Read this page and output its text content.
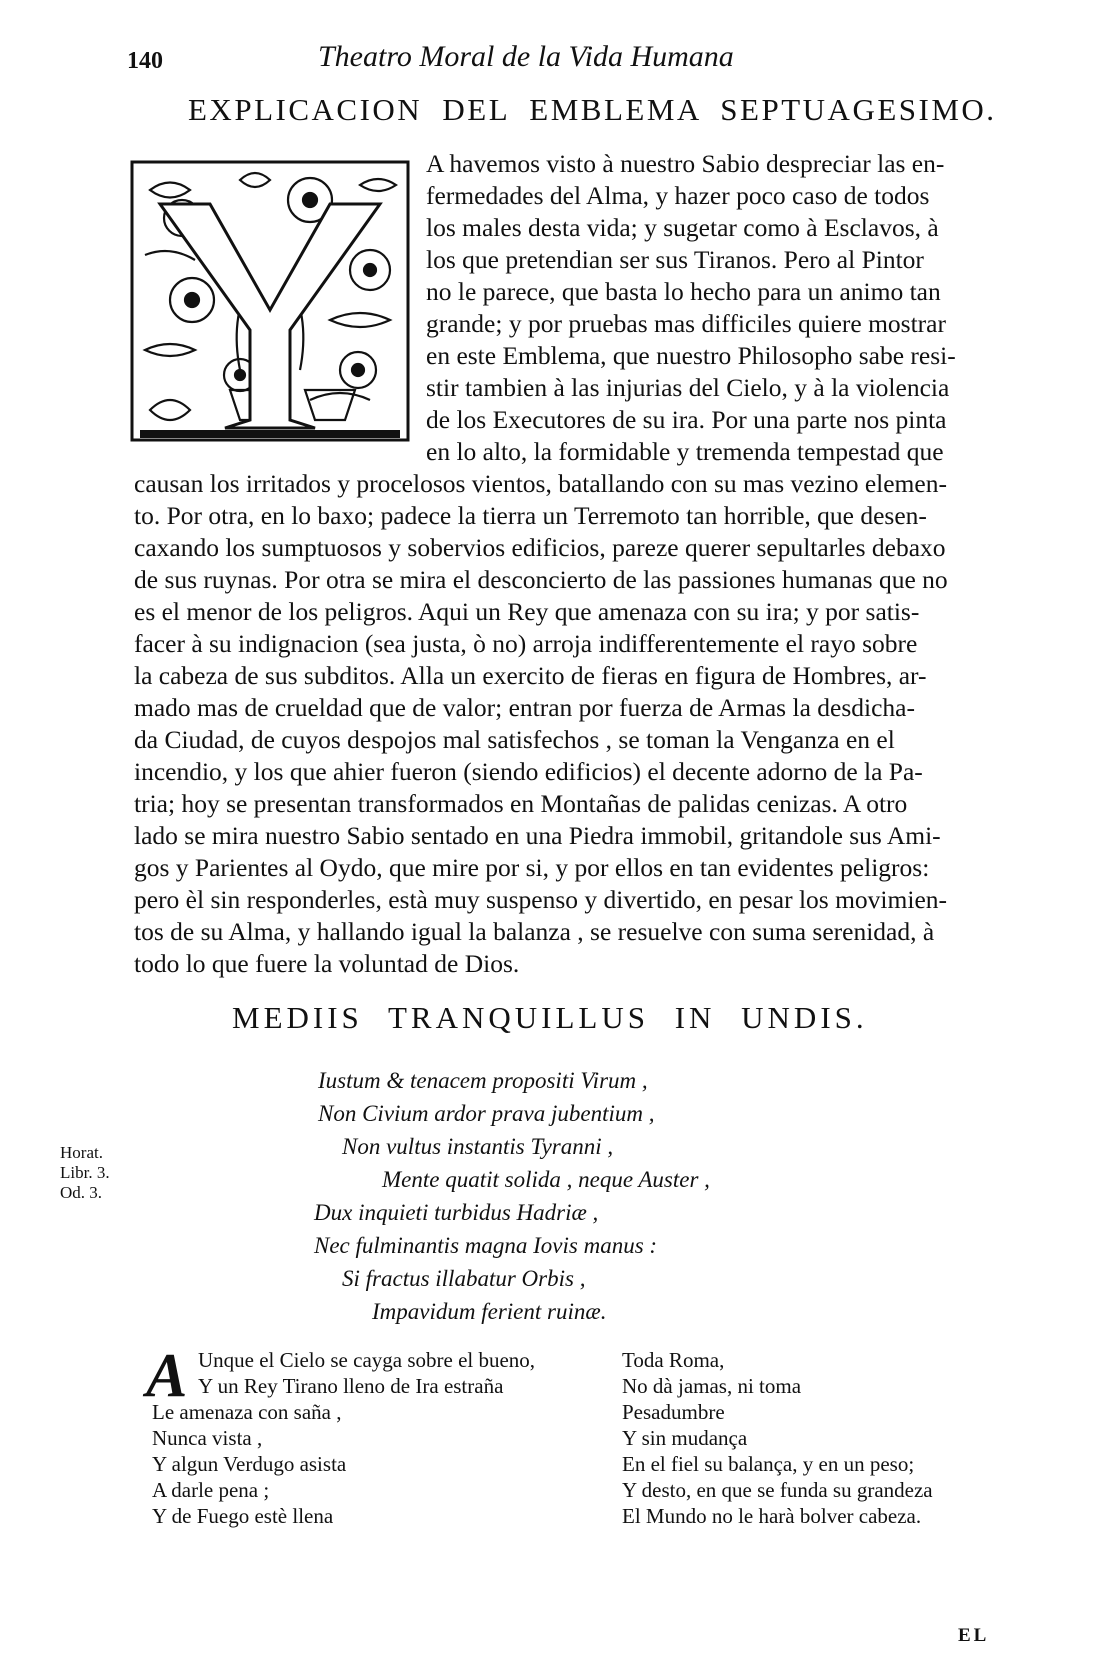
140	Theatro Moral de la Vida Humana
EXPLICACION DEL EMBLEMA SEPTUAGESIMO.
A havemos visto à nuestro Sabio despreciar las en-
fermedades del Alma, y hazer poco caso de todos
los males desta vida; y sugetar como à Esclavos, à
los que pretendian ser sus Tiranos. Pero al Pintor
no le parece, que basta lo hecho para un animo tan
grande; y por pruebas mas difficiles quiere mostrar
en este Emblema, que nuestro Philosopho sabe resi-
stir tambien à las injurias del Cielo, y à la violencia
de los Executores de su ira. Por una parte nos pinta
en lo alto, la formidable y tremenda tempestad que
causan los irritados y procelosos vientos, batallando con su mas vezino elemen-
to. Por otra, en lo baxo; padece la tierra un Terremoto tan horrible, que desen-
caxando los sumptuosos y sobervios edificios, pareze querer sepultarles debaxo
de sus ruynas. Por otra se mira el desconcierto de las passiones humanas que no
es el menor de los peligros. Aqui un Rey que amenaza con su ira; y por satis-
facer à su indignacion (sea justa, ò no) arroja indifferentemente el rayo sobre
la cabeza de sus subditos. Alla un exercito de fieras en figura de Hombres, ar-
mado mas de crueldad que de valor; entran por fuerza de Armas la desdicha-
da Ciudad, de cuyos despojos mal satisfechos , se toman la Venganza en el
incendio, y los que ahier fueron (siendo edificios) el decente adorno de la Pa-
tria; hoy se presentan transformados en Montañas de palidas cenizas. A otro
lado se mira nuestro Sabio sentado en una Piedra immobil, gritandole sus Ami-
gos y Parientes al Oydo, que mire por si, y por ellos en tan evidentes peligros:
pero èl sin responderles, està muy suspenso y divertido, en pesar los movimien-
tos de su Alma, y hallando igual la balanza , se resuelve con suma serenidad, à
todo lo que fuere la voluntad de Dios.
MEDIIS TRANQUILLUS IN UNDIS.
Horat.
Libr. 3.
Od. 3.
Iustum & tenacem propositi Virum ,
Non Civium ardor prava jubentium ,
Non vultus instantis Tyranni ,
Mente quatit solida , neque Auster ,
Dux inquieti turbidus Hadriæ ,
Nec fulminantis magna Iovis manus :
Si fractus illabatur Orbis ,
Impavidum ferient ruinæ.
A Unque el Cielo se cayga sobre el bueno,
Y un Rey Tirano lleno de Ira estraña
Le amenaza con saña ,
Nunca vista ,
Y algun Verdugo asista
A darle pena ;
Y de Fuego estè llena
Toda Roma,
No dà jamas, ni toma
Pesadumbre
Y sin mudança
En el fiel su balança, y en un peso;
Y desto, en que se funda su grandeza
El Mundo no le harà bolver cabeza.
EL
